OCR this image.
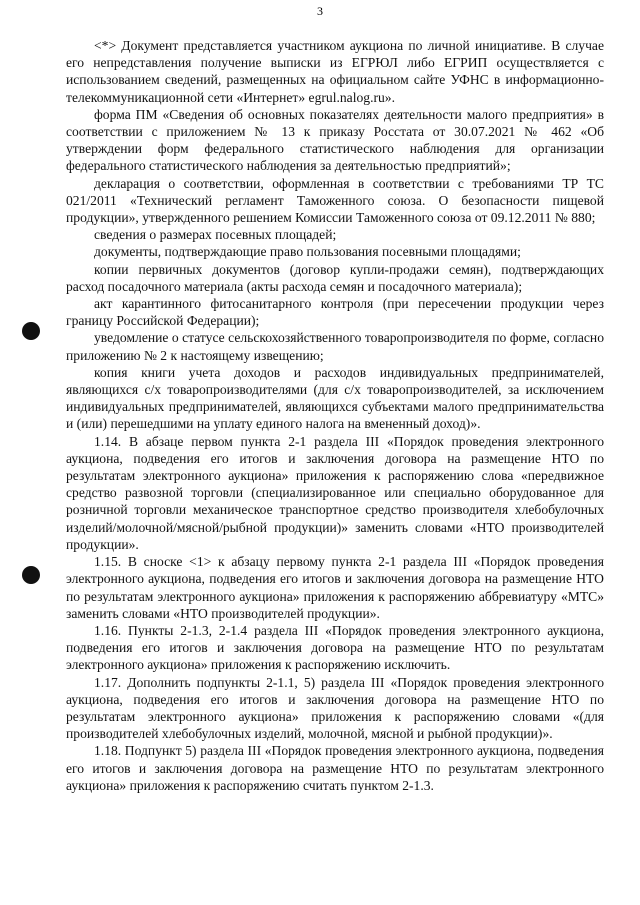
3

<*> Документ представляется участником аукциона по личной инициативе. В случае его непредставления получение выписки из ЕГРЮЛ либо ЕГРИП осуществляется с использованием сведений, размещенных на официальном сайте УФНС в информационно-телекоммуникационной сети «Интернет» egrul.nalog.ru».

форма ПМ «Сведения об основных показателях деятельности малого предприятия» в соответствии с приложением № 13 к приказу Росстата от 30.07.2021 № 462 «Об утверждении форм федерального статистического наблюдения для организации федерального статистического наблюдения за деятельностью предприятий»;

декларация о соответствии, оформленная в соответствии с требованиями ТР ТС 021/2011 «Технический регламент Таможенного союза. О безопасности пищевой продукции», утвержденного решением Комиссии Таможенного союза от 09.12.2011 № 880;

сведения о размерах посевных площадей;

документы, подтверждающие право пользования посевными площадями;

копии первичных документов (договор купли-продажи семян), подтверждающих расход посадочного материала (акты расхода семян и посадочного материала);

акт карантинного фитосанитарного контроля (при пересечении продукции через границу Российской Федерации);

уведомление о статусе сельскохозяйственного товаропроизводителя по форме, согласно приложению № 2 к настоящему извещению;

копия книги учета доходов и расходов индивидуальных предпринимателей, являющихся с/х товаропроизводителями (для с/х товаропроизводителей, за исключением индивидуальных предпринимателей, являющихся субъектами малого предпринимательства и (или) перешедшими на уплату единого налога на вмененный доход)».

1.14. В абзаце первом пункта 2-1 раздела III «Порядок проведения электронного аукциона, подведения его итогов и заключения договора на размещение НТО по результатам электронного аукциона» приложения к распоряжению слова «передвижное средство развозной торговли (специализированное или специально оборудованное для розничной торговли механическое транспортное средство производителя хлебобулочных изделий/молочной/мясной/рыбной продукции)» заменить словами «НТО производителей продукции».

1.15. В сноске <1> к абзацу первому пункта 2-1 раздела III «Порядок проведения электронного аукциона, подведения его итогов и заключения договора на размещение НТО по результатам электронного аукциона» приложения к распоряжению аббревиатуру «МТС» заменить словами «НТО производителей продукции».

1.16. Пункты 2-1.3, 2-1.4 раздела III «Порядок проведения электронного аукциона, подведения его итогов и заключения договора на размещение НТО по результатам электронного аукциона» приложения к распоряжению исключить.

1.17. Дополнить подпункты 2-1.1, 5) раздела III «Порядок проведения электронного аукциона, подведения его итогов и заключения договора на размещение НТО по результатам электронного аукциона» приложения к распоряжению словами «(для производителей хлебобулочных изделий, молочной, мясной и рыбной продукции)».

1.18. Подпункт 5) раздела III «Порядок проведения электронного аукциона, подведения его итогов и заключения договора на размещение НТО по результатам электронного аукциона» приложения к распоряжению считать пунктом 2-1.3.
